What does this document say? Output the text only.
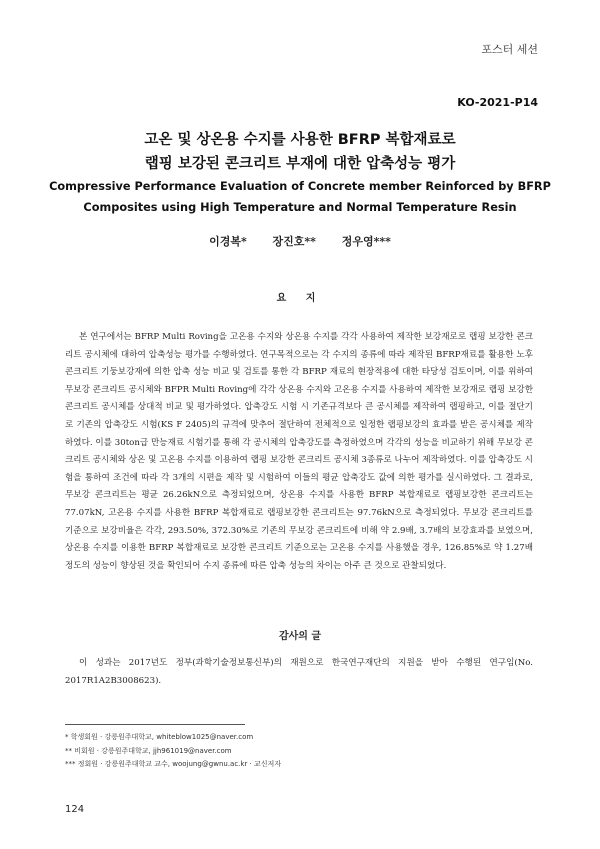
포스터 세션
KO-2021-P14
고온 및 상온용 수지를 사용한 BFRP 복합재료로
랩핑 보강된 콘크리트 부재에 대한 압축성능 평가
Compressive Performance Evaluation of Concrete member Reinforced by BFRP
Composites using High Temperature and Normal Temperature Resin
이경복* 장진호** 정우영***
요 지

본 연구에서는 BFRP Multi Roving을 고온용 수지와 상온용 수지를 각각 사용하여 제작한 보강재로로 랩핑 보강한 콘크리트 공시체에 대하여 압축성능 평가를 수행하였다. 연구목적으로는 각 수지의 종류에 따라 제작된 BFRP재료를 활용한 노후 콘크리트 기둥보강재에 의한 압축 성능 비교 및 검토를 통한 각 BFRP 재료의 현장적용에 대한 타당성 검토이며, 이를 위하여 무보강 콘크리트 공시체와 BFPR Multi Roving에 각각 상온용 수지와 고온용 수지를 사용하여 제작한 보강재로 랩핑 보강한 콘크리트 공시체를 상대적 비교 및 평가하였다. 압축강도 시험 시 기존규격보다 큰 공시체를 제작하여 랩핑하고, 이를 절단기로 기존의 압축강도 시험(KS F 2405)의 규격에 맞추어 절단하여 전체적으로 일정한 랩핑보강의 효과를 받은 공시체를 제작하였다. 이를 30ton급 만능재료 시험기를 통해 각 공시체의 압축강도를 측정하였으며 각각의 성능을 비교하기 위해 무보강 콘크리트 공시체와 상온 및 고온용 수지를 이용하여 랩핑 보강한 콘크리트 공시체 3종류로 나누어 제작하였다. 이를 압축강도 시험을 통하여 조건에 따라 각 3개의 시편을 제작 및 시험하여 이들의 평균 압축강도 값에 의한 평가를 실시하였다. 그 결과로, 무보강 콘크리트는 평균 26.26kN으로 측정되었으며, 상온용 수지를 사용한 BFRP 복합재료로 랩핑보강한 콘크리트는 77.07kN, 고온용 수지를 사용한 BFRP 복합재료로 랩핑보강한 콘크리트는 97.76kN으로 측정되었다. 무보강 콘크리트를 기준으로 보강비율은 각각, 293.50%, 372.30%로 기존의 무보강 콘크리트에 비해 약 2.9배, 3.7배의 보강효과를 보였으며, 상온용 수지를 이용한 BFRP 복합재료로 보강한 콘크리트 기준으로는 고온용 수지를 사용했을 경우, 126.85%로 약 1.27배 정도의 성능이 향상된 것을 확인되어 수지 종류에 따른 압축 성능의 차이는 아주 큰 것으로 관찰되었다.

감사의 글

이 성과는 2017년도 정부(과학기술정보통신부)의 재원으로 한국연구재단의 지원을 받아 수행된 연구임(No. 2017R1A2B3008623).

* 학생회원 · 강릉원주대학교, whiteblow1025@naver.com
** 비회원 · 강릉원주대학교, jjh961019@naver.com
*** 정회원 · 강릉원주대학교 교수, woojung@gwnu.ac.kr · 교신저자
124
